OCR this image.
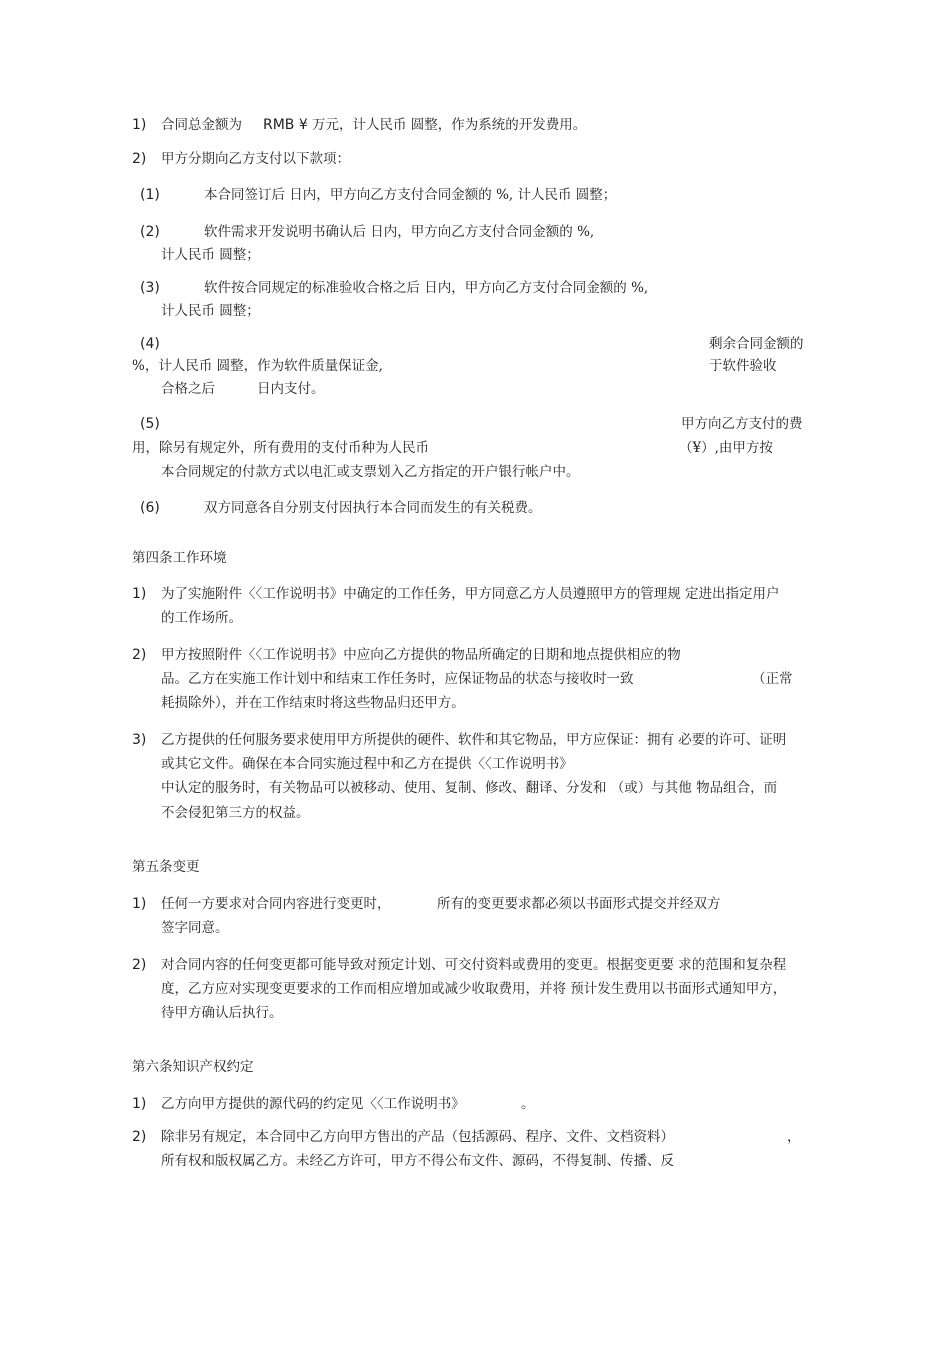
1) 合同总金额为 RMB ¥ 万元，计人民币 圆整，作为系统的开发费用。
2) 甲方分期向乙方支付以下款项：
(1)	本合同签订后 日内，甲方向乙方支付合同金额的 %, 计人民币 圆整；
(2)	软件需求开发说明书确认后 日内，甲方向乙方支付合同金额的 %,
计人民币 圆整；
(3)	软件按合同规定的标准验收合格之后 日内，甲方向乙方支付合同金额的 %,
计人民币 圆整；
(4)	剩余合同金额的
%，计人民币 圆整，作为软件质量保证金,	于软件验收
合格之后	日内支付。
(5)	甲方向乙方支付的费
用，除另有规定外，所有费用的支付币种为人民币	（¥）,由甲方按
本合同规定的付款方式以电汇或支票划入乙方指定的开户银行帐户中。
(6)	双方同意各自分别支付因执行本合同而发生的有关税费。
第四条工作环境
1) 为了实施附件〈〈工作说明书》中确定的工作任务，甲方同意乙方人员遵照甲方的管理规 定进出指定用户
的工作场所。
2) 甲方按照附件〈〈工作说明书》中应向乙方提供的物品所确定的日期和地点提供相应的物
品。乙方在实施工作计划中和结束工作任务时，应保证物品的状态与接收时一致	（正常
耗损除外），并在工作结束时将这些物品归还甲方。
3) 乙方提供的任何服务要求使用甲方所提供的硬件、软件和其它物品，甲方应保证：拥有 必要的许可、证明
或其它文件。确保在本合同实施过程中和乙方在提供〈〈工作说明书》
中认定的服务时，有关物品可以被移动、使用、复制、修改、翻译、分发和 （或）与其他 物品组合，而
不会侵犯第三方的权益。
第五条变更
1) 任何一方要求对合同内容进行变更时，	所有的变更要求都必须以书面形式提交并经双方
签字同意。
2) 对合同内容的任何变更都可能导致对预定计划、可交付资料或费用的变更。根据变更要 求的范围和复杂程
度，乙方应对实现变更要求的工作而相应增加或减少收取费用，并将 预计发生费用以书面形式通知甲方，
待甲方确认后执行。
第六条知识产权约定
1) 乙方向甲方提供的源代码的约定见〈〈工作说明书》	。
2) 除非另有规定，本合同中乙方向甲方售出的产品（包括源码、程序、文件、文档资料）	，
所有权和版权属乙方。未经乙方许可，甲方不得公布文件、源码，不得复制、传播、反
